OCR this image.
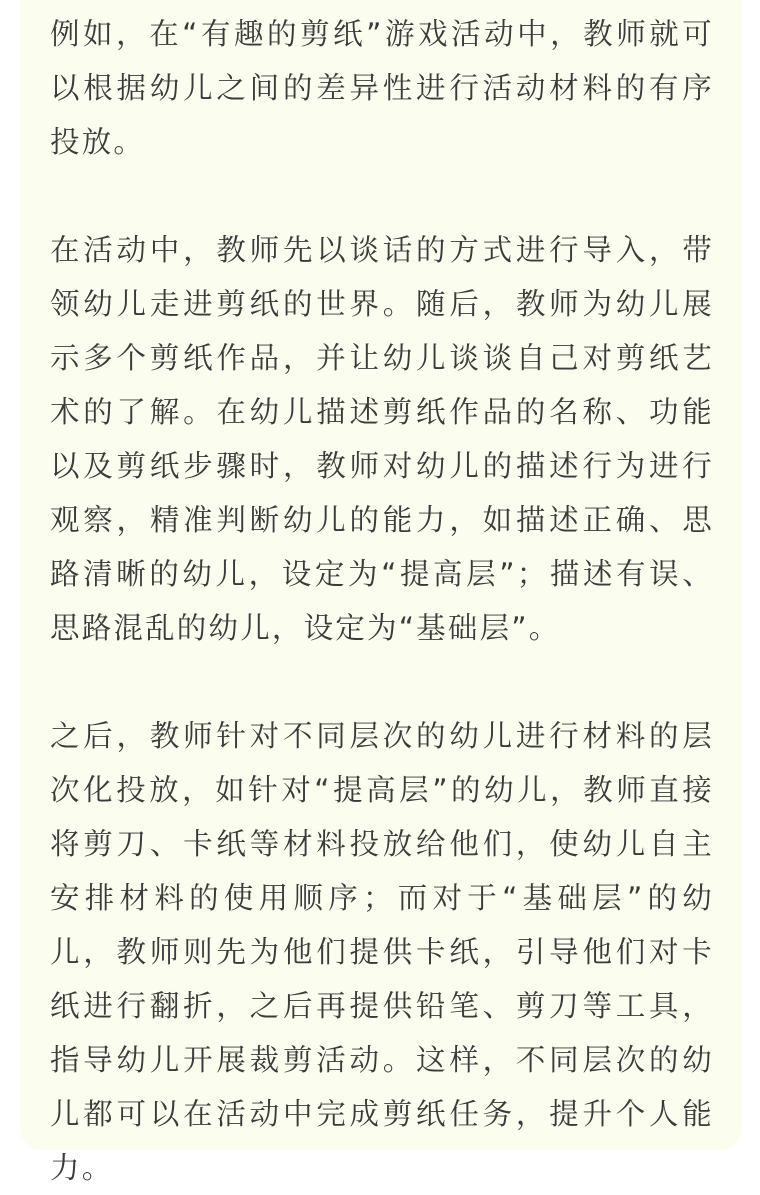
例如，在“有趣的剪纸”游戏活动中，教师就可以根据幼儿之间的差异性进行活动材料的有序投放。

在活动中，教师先以谈话的方式进行导入，带领幼儿走进剪纸的世界。随后，教师为幼儿展示多个剪纸作品，并让幼儿谈谈自己对剪纸艺术的了解。在幼儿描述剪纸作品的名称、功能以及剪纸步骤时，教师对幼儿的描述行为进行观察，精准判断幼儿的能力，如描述正确、思路清晰的幼儿，设定为“提高层”；描述有误、思路混乱的幼儿，设定为“基础层”。

之后，教师针对不同层次的幼儿进行材料的层次化投放，如针对“提高层”的幼儿，教师直接将剪刀、卡纸等材料投放给他们，使幼儿自主安排材料的使用顺序；而对于“基础层”的幼儿，教师则先为他们提供卡纸，引导他们对卡纸进行翻折，之后再提供铅笔、剪刀等工具，指导幼儿开展裁剪活动。这样，不同层次的幼儿都可以在活动中完成剪纸任务，提升个人能力。
